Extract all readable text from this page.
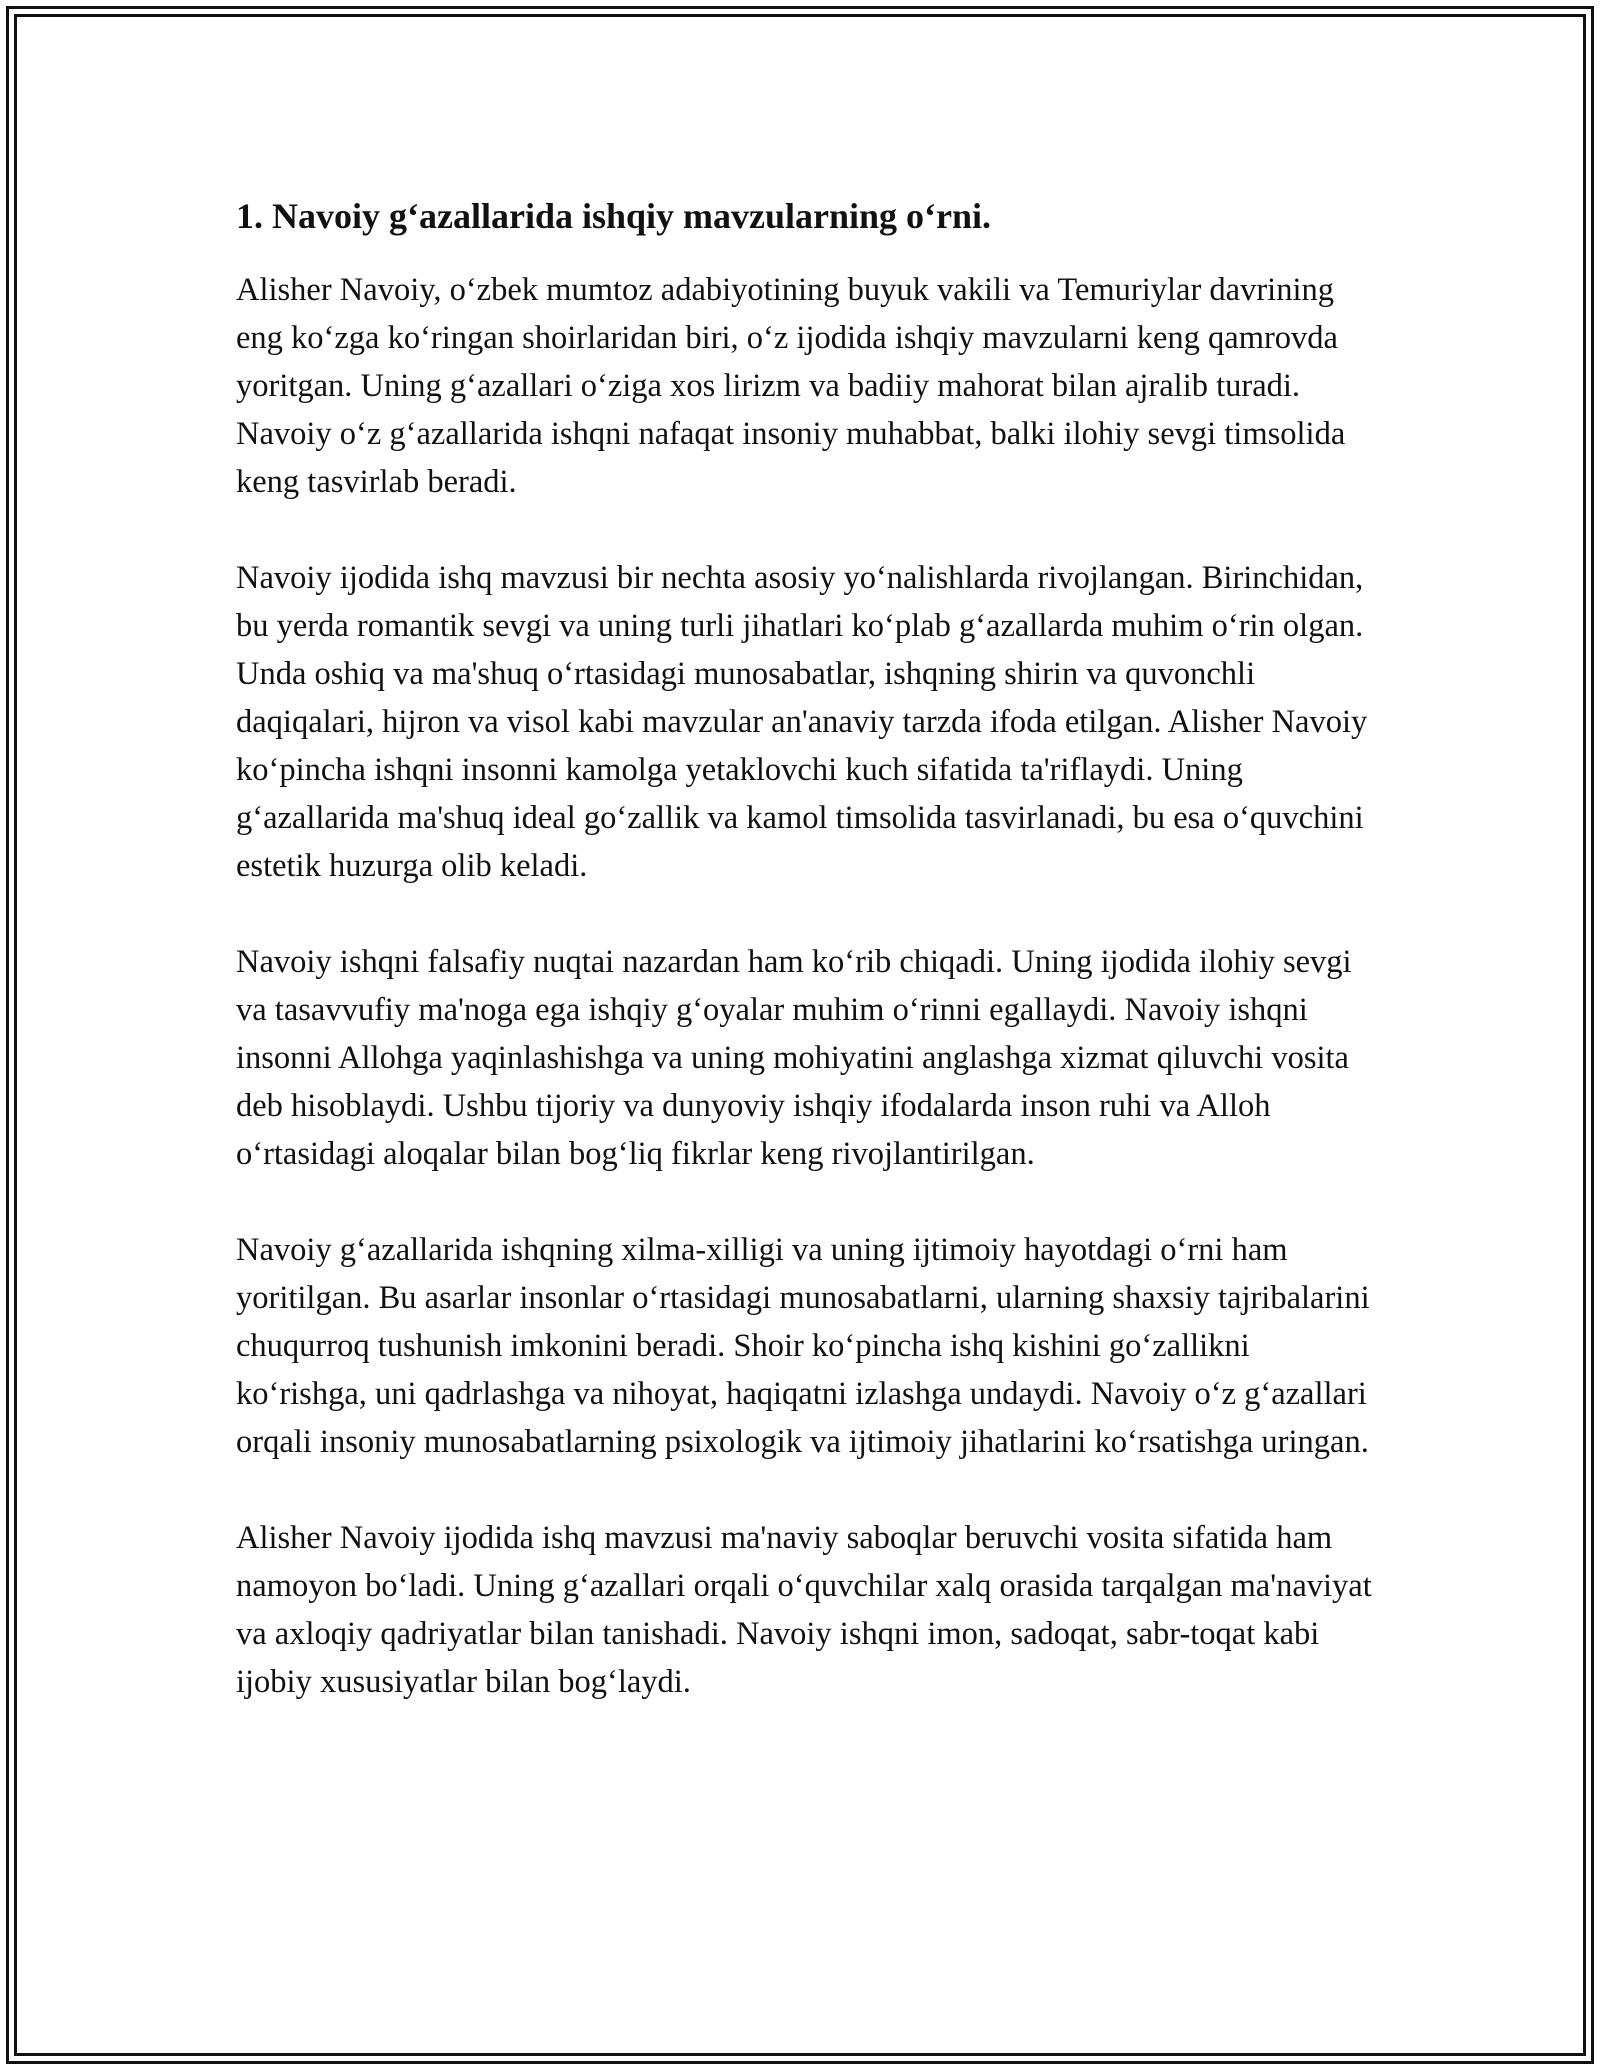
1. Navoiy g‘azallarida ishqiy mavzularning o‘rni.

Alisher Navoiy, o‘zbek mumtoz adabiyotining buyuk vakili va Temuriylar davrining eng ko‘zga ko‘ringan shoirlaridan biri, o‘z ijodida ishqiy mavzularni keng qamrovda yoritgan. Uning g‘azallari o‘ziga xos lirizm va badiiy mahorat bilan ajralib turadi. Navoiy o‘z g‘azallarida ishqni nafaqat insoniy muhabbat, balki ilohiy sevgi timsolida keng tasvirlab beradi.

Navoiy ijodida ishq mavzusi bir nechta asosiy yo‘nalishlarda rivojlangan. Birinchidan, bu yerda romantik sevgi va uning turli jihatlari ko‘plab g‘azallarda muhim o‘rin olgan. Unda oshiq va ma'shuq o‘rtasidagi munosabatlar, ishqning shirin va quvonchli daqiqalari, hijron va visol kabi mavzular an'anaviy tarzda ifoda etilgan. Alisher Navoiy ko‘pincha ishqni insonni kamolga yetaklovchi kuch sifatida ta'riflaydi. Uning g‘azallarida ma'shuq ideal go‘zallik va kamol timsolida tasvirlanadi, bu esa o‘quvchini estetik huzurga olib keladi.

Navoiy ishqni falsafiy nuqtai nazardan ham ko‘rib chiqadi. Uning ijodida ilohiy sevgi va tasavvufiy ma'noga ega ishqiy g‘oyalar muhim o‘rinni egallaydi. Navoiy ishqni insonni Allohga yaqinlashishga va uning mohiyatini anglashga xizmat qiluvchi vosita deb hisoblaydi. Ushbu tijoriy va dunyoviy ishqiy ifodalarda inson ruhi va Alloh o‘rtasidagi aloqalar bilan bog‘liq fikrlar keng rivojlantirilgan.

Navoiy g‘azallarida ishqning xilma-xilligi va uning ijtimoiy hayotdagi o‘rni ham yoritilgan. Bu asarlar insonlar o‘rtasidagi munosabatlarni, ularning shaxsiy tajribalarini chuqurroq tushunish imkonini beradi. Shoir ko‘pincha ishq kishini go‘zallikni ko‘rishga, uni qadrlashga va nihoyat, haqiqatni izlashga undaydi. Navoiy o‘z g‘azallari orqali insoniy munosabatlarning psixologik va ijtimoiy jihatlarini ko‘rsatishga uringan.

Alisher Navoiy ijodida ishq mavzusi ma'naviy saboqlar beruvchi vosita sifatida ham namoyon bo‘ladi. Uning g‘azallari orqali o‘quvchilar xalq orasida tarqalgan ma'naviyat va axloqiy qadriyatlar bilan tanishadi. Navoiy ishqni imon, sadoqat, sabr-toqat kabi ijobiy xususiyatlar bilan bog‘laydi.
